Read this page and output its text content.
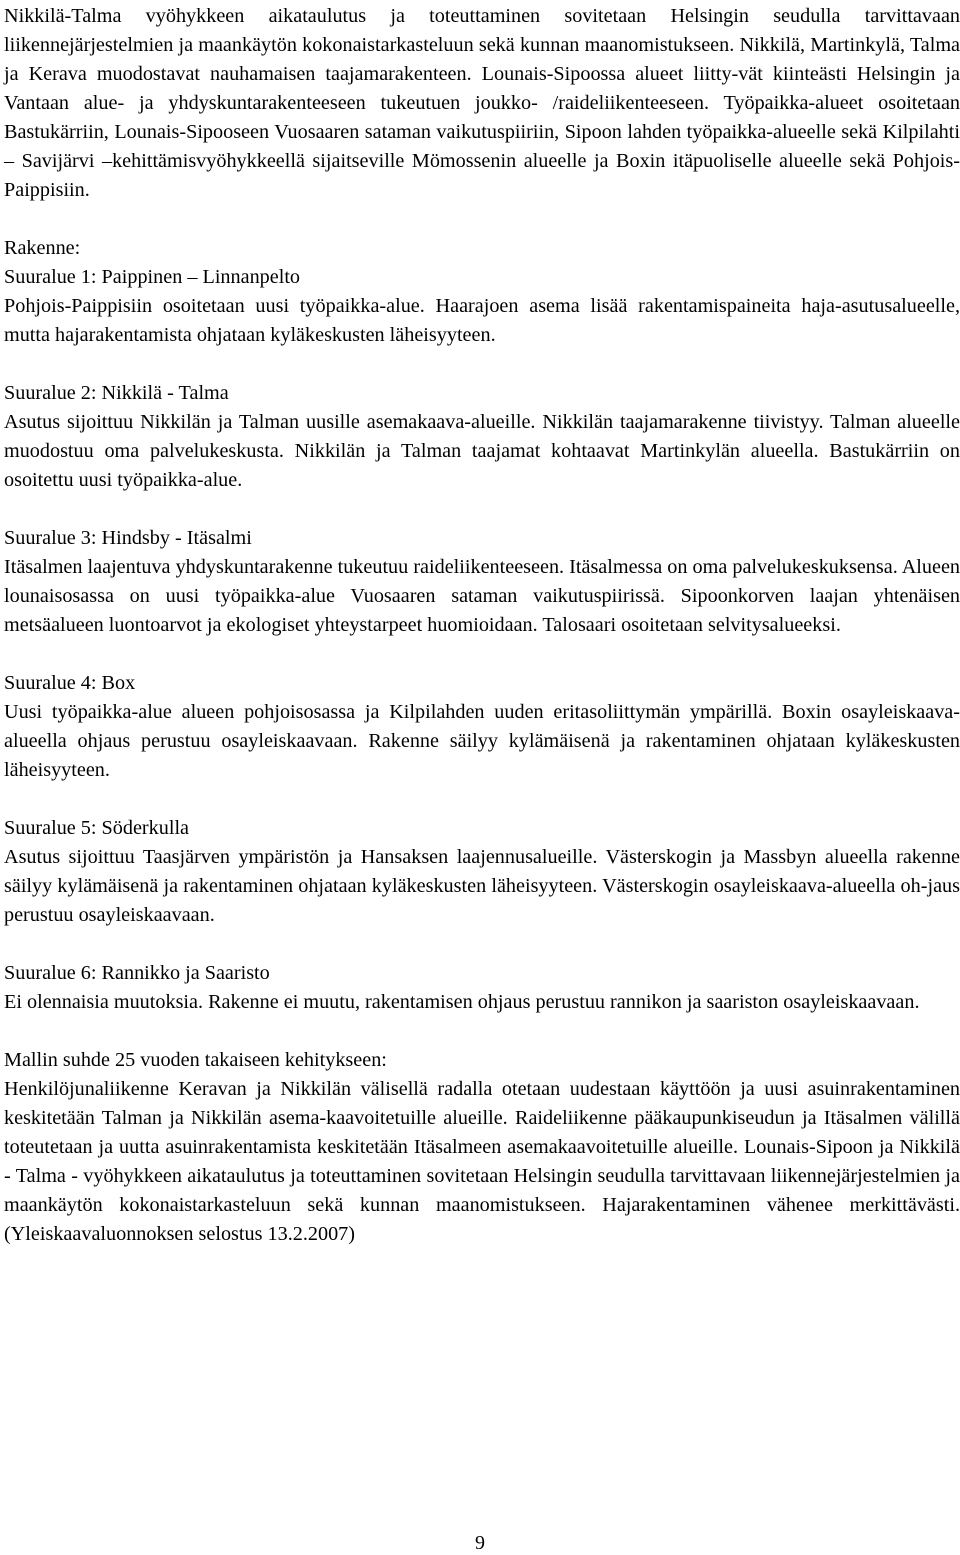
Nikkilä-Talma vyöhykkeen aikataulutus ja toteuttaminen sovitetaan Helsingin seudulla tarvittavaan liikennejärjestelmien ja maankäytön kokonaistarkasteluun sekä kunnan maanomistukseen. Nikkilä, Martinkylä, Talma ja Kerava muodostavat nauhamaisen taajamarakenteen. Lounais-Sipoossa alueet liitty-vät kiinteästi Helsingin ja Vantaan alue- ja yhdyskuntarakenteeseen tukeutuen joukko- /raideliikenteeseen. Työpaikka-alueet osoitetaan Bastukärriin, Lounais-Sipooseen Vuosaaren sataman vaikutuspiiriin, Sipoon lahden työpaikka-alueelle sekä Kilpilahti – Savijärvi –kehittämisvyöhykkeellä sijaitseville Mömossenin alueelle ja Boxin itäpuoliselle alueelle sekä Pohjois-Paippisiin.

Rakenne:
Suuralue 1: Paippinen – Linnanpelto
Pohjois-Paippisiin osoitetaan uusi työpaikka-alue. Haarajoen asema lisää rakentamispaineita haja-asutusalueelle, mutta hajarakentamista ohjataan kyläkeskusten läheisyyteen.
Suuralue 2: Nikkilä - Talma
Asutus sijoittuu Nikkilän ja Talman uusille asemakaava-alueille. Nikkilän taajamarakenne tiivistyy. Talman alueelle muodostuu oma palvelukeskusta. Nikkilän ja Talman taajamat kohtaavat Martinkylän alueella. Bastukärriin on osoitettu uusi työpaikka-alue.
Suuralue 3: Hindsby - Itäsalmi
Itäsalmen laajentuva yhdyskuntarakenne tukeutuu raideliikenteeseen. Itäsalmessa on oma palvelukeskuksensa. Alueen lounaisosassa on uusi työpaikka-alue Vuosaaren sataman vaikutuspiirissä. Sipoonkorven laajan yhtenäisen metsäalueen luontoarvot ja ekologiset yhteystarpeet huomioidaan. Talosaari osoitetaan selvitysalueeksi.
Suuralue 4: Box
Uusi työpaikka-alue alueen pohjoisosassa ja Kilpilahden uuden eritasoliittymän ympärillä. Boxin osayleiskaava-alueella ohjaus perustuu osayleiskaavaan. Rakenne säilyy kylämäisenä ja rakentaminen ohjataan kyläkeskusten läheisyyteen.
Suuralue 5: Söderkulla
Asutus sijoittuu Taasjärven ympäristön ja Hansaksen laajennusalueille. Västerskogin ja Massbyn alueella rakenne säilyy kylämäisenä ja rakentaminen ohjataan kyläkeskusten läheisyyteen. Västerskogin osayleiskaava-alueella oh-jaus perustuu osayleiskaavaan.
Suuralue 6: Rannikko ja Saaristo
Ei olennaisia muutoksia. Rakenne ei muutu, rakentamisen ohjaus perustuu rannikon ja saariston osayleiskaavaan.
Mallin suhde 25 vuoden takaiseen kehitykseen:
Henkilöjunaliikenne Keravan ja Nikkilän välisellä radalla otetaan uudestaan käyttöön ja uusi asuinrakentaminen keskitetään Talman ja Nikkilän asema-kaavoitetuille alueille. Raideliikenne pääkaupunkiseudun ja Itäsalmen välillä toteutetaan ja uutta asuinrakentamista keskitetään Itäsalmeen asemakaavoitetuille alueille. Lounais-Sipoon ja Nikkilä - Talma - vyöhykkeen aikataulutus ja toteuttaminen sovitetaan Helsingin seudulla tarvittavaan liikennejärjestelmien ja maankäytön kokonaistarkasteluun sekä kunnan maanomistukseen. Hajarakentaminen vähenee merkittävästi. (Yleiskaavaluonnoksen selostus 13.2.2007)
9
